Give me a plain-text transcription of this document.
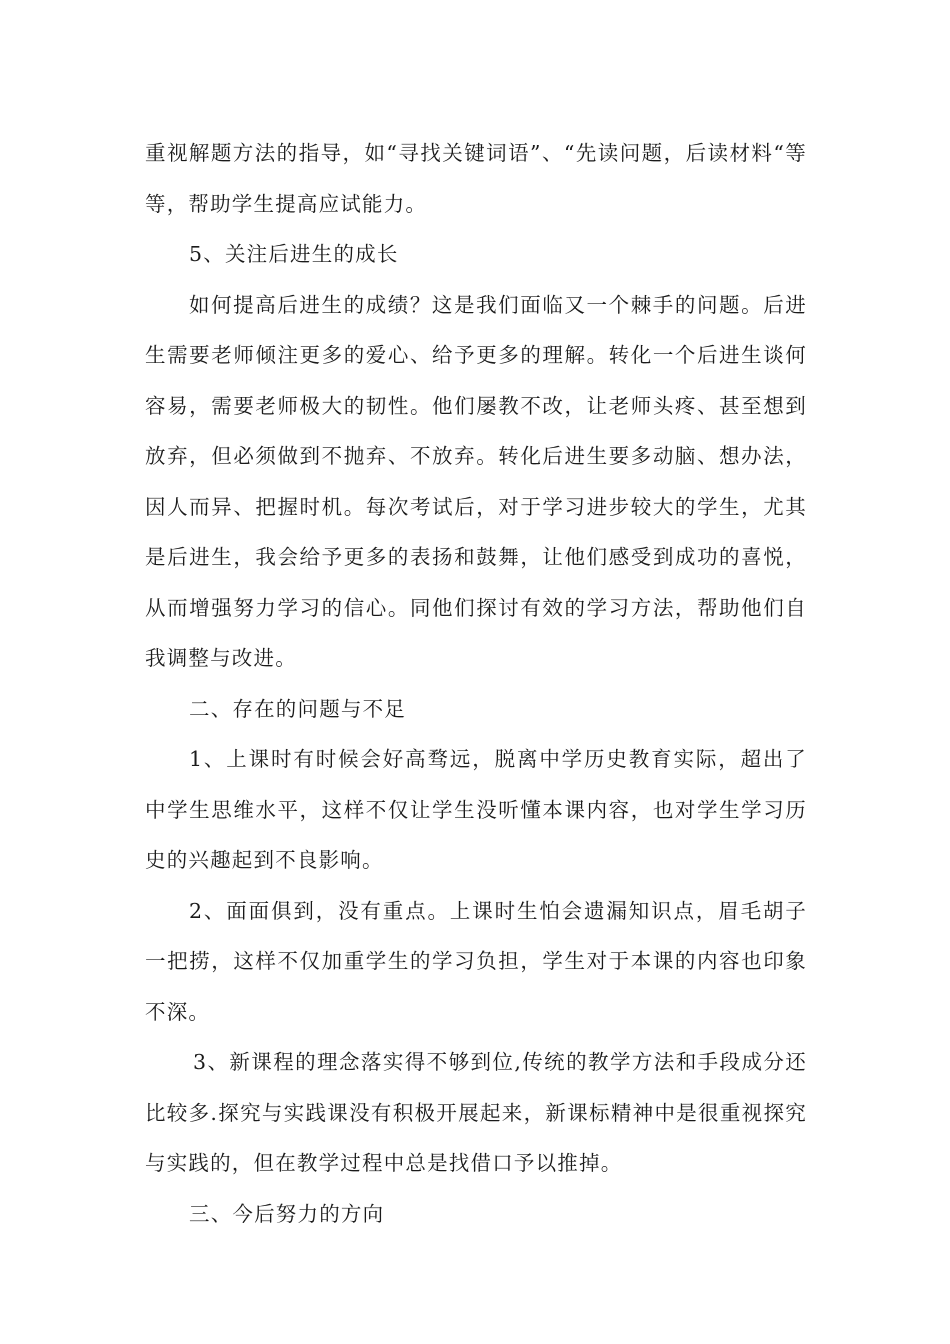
重视解题方法的指导，如“寻找关键词语”、“先读问题，后读材料“等等，帮助学生提高应试能力。

5、关注后进生的成长

如何提高后进生的成绩？这是我们面临又一个棘手的问题。后进生需要老师倾注更多的爱心、给予更多的理解。转化一个后进生谈何容易，需要老师极大的韧性。他们屡教不改，让老师头疼、甚至想到放弃，但必须做到不抛弃、不放弃。转化后进生要多动脑、想办法，因人而异、把握时机。每次考试后，对于学习进步较大的学生，尤其是后进生，我会给予更多的表扬和鼓舞，让他们感受到成功的喜悦，从而增强努力学习的信心。同他们探讨有效的学习方法，帮助他们自我调整与改进。

二、存在的问题与不足

1、上课时有时候会好高骛远，脱离中学历史教育实际，超出了中学生思维水平，这样不仅让学生没听懂本课内容，也对学生学习历史的兴趣起到不良影响。

2、面面俱到，没有重点。上课时生怕会遗漏知识点，眉毛胡子一把捞，这样不仅加重学生的学习负担，学生对于本课的内容也印象不深。

3、新课程的理念落实得不够到位,传统的教学方法和手段成分还比较多.探究与实践课没有积极开展起来，新课标精神中是很重视探究与实践的，但在教学过程中总是找借口予以推掉。

三、今后努力的方向
